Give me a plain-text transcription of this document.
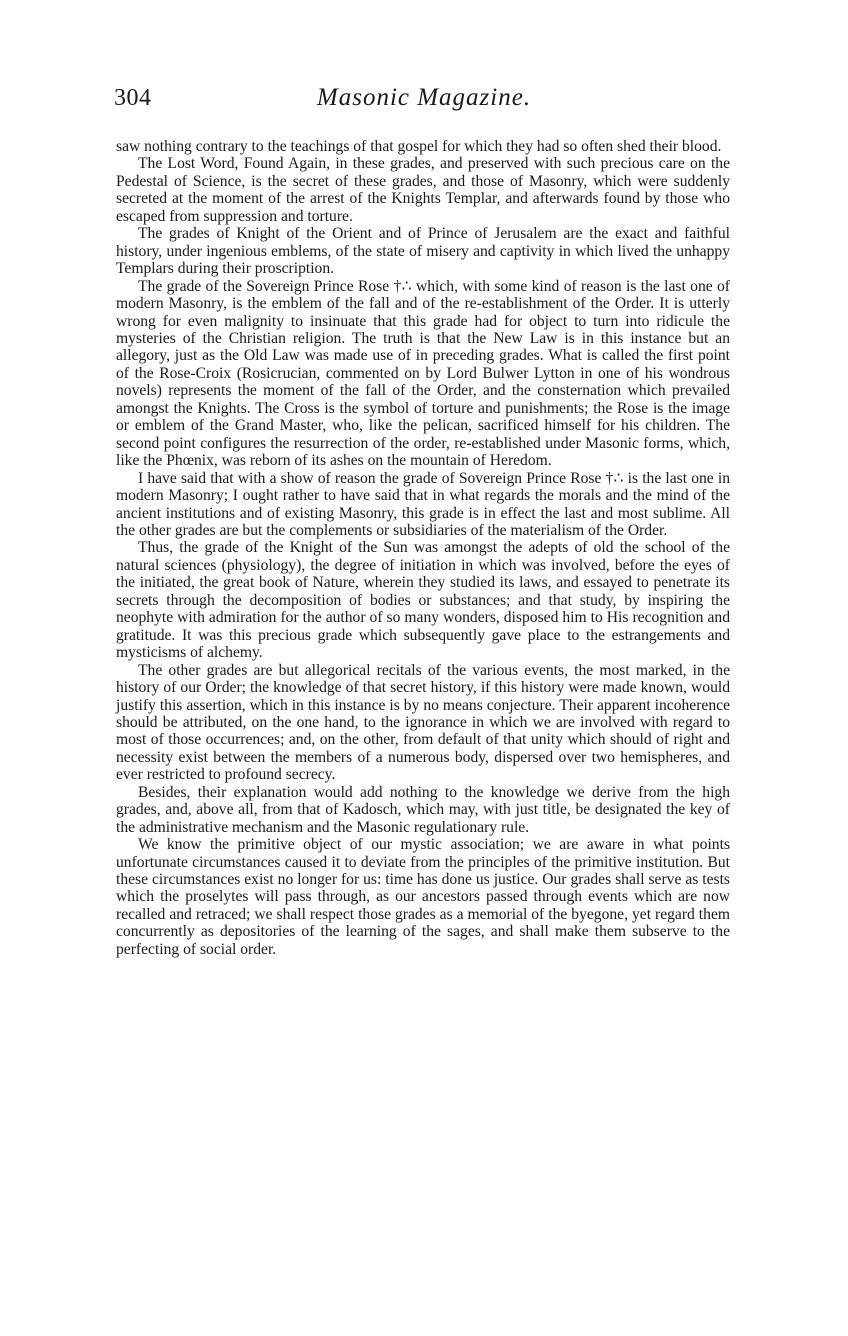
304	Masonic Magazine.

saw nothing contrary to the teachings of that gospel for which they had so often shed their blood.

The Lost Word, Found Again, in these grades, and preserved with such precious care on the Pedestal of Science, is the secret of these grades, and those of Masonry, which were suddenly secreted at the moment of the arrest of the Knights Templar, and afterwards found by those who escaped from suppression and torture.

The grades of Knight of the Orient and of Prince of Jerusalem are the exact and faithful history, under ingenious emblems, of the state of misery and captivity in which lived the unhappy Templars during their proscription.

The grade of the Sovereign Prince Rose †∴ which, with some kind of reason is the last one of modern Masonry, is the emblem of the fall and of the re-establishment of the Order. It is utterly wrong for even malignity to insinuate that this grade had for object to turn into ridicule the mysteries of the Christian religion. The truth is that the New Law is in this instance but an allegory, just as the Old Law was made use of in preceding grades. What is called the first point of the Rose-Croix (Rosicrucian, commented on by Lord Bulwer Lytton in one of his wondrous novels) represents the moment of the fall of the Order, and the consternation which prevailed amongst the Knights. The Cross is the symbol of torture and punishments; the Rose is the image or emblem of the Grand Master, who, like the pelican, sacrificed himself for his children. The second point configures the resurrection of the order, re-established under Masonic forms, which, like the Phœnix, was reborn of its ashes on the mountain of Heredom.

I have said that with a show of reason the grade of Sovereign Prince Rose †∴ is the last one in modern Masonry; I ought rather to have said that in what regards the morals and the mind of the ancient institutions and of existing Masonry, this grade is in effect the last and most sublime. All the other grades are but the complements or subsidiaries of the materialism of the Order.

Thus, the grade of the Knight of the Sun was amongst the adepts of old the school of the natural sciences (physiology), the degree of initiation in which was involved, before the eyes of the initiated, the great book of Nature, wherein they studied its laws, and essayed to penetrate its secrets through the decomposition of bodies or substances; and that study, by inspiring the neophyte with admiration for the author of so many wonders, disposed him to His recognition and gratitude. It was this precious grade which subsequently gave place to the estrangements and mysticisms of alchemy.

The other grades are but allegorical recitals of the various events, the most marked, in the history of our Order; the knowledge of that secret history, if this history were made known, would justify this assertion, which in this instance is by no means conjecture. Their apparent incoherence should be attributed, on the one hand, to the ignorance in which we are involved with regard to most of those occurrences; and, on the other, from default of that unity which should of right and necessity exist between the members of a numerous body, dispersed over two hemispheres, and ever restricted to profound secrecy.

Besides, their explanation would add nothing to the knowledge we derive from the high grades, and, above all, from that of Kadosch, which may, with just title, be designated the key of the administrative mechanism and the Masonic regulationary rule.

We know the primitive object of our mystic association; we are aware in what points unfortunate circumstances caused it to deviate from the principles of the primitive institution. But these circumstances exist no longer for us: time has done us justice. Our grades shall serve as tests which the proselytes will pass through, as our ancestors passed through events which are now recalled and retraced; we shall respect those grades as a memorial of the byegone, yet regard them concurrently as depositories of the learning of the sages, and shall make them subserve to the perfecting of social order.
